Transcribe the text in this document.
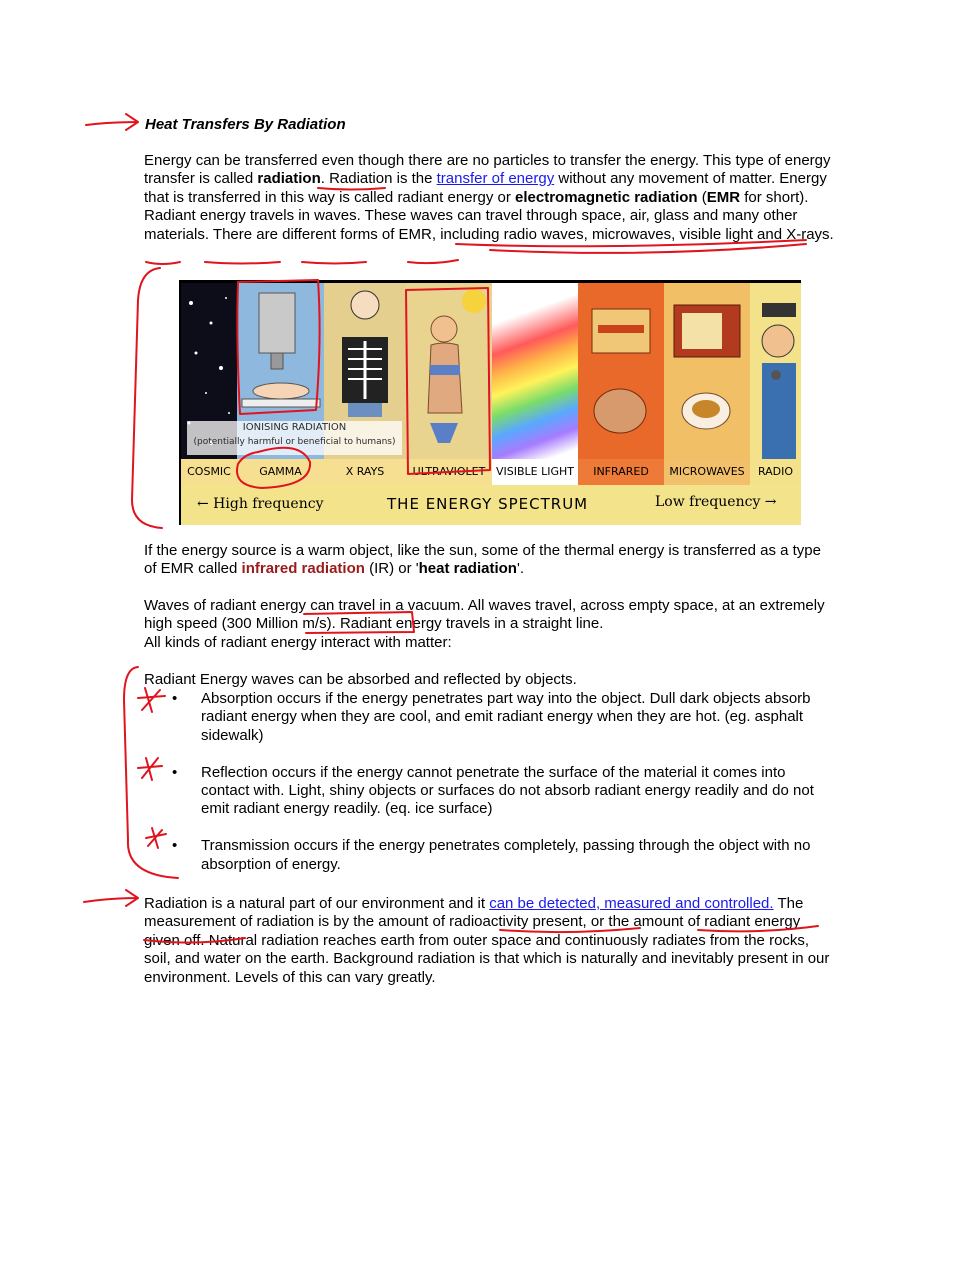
Heat Transfers By Radiation
Energy can be transferred even though there are no particles to transfer the energy. This type of energy transfer is called radiation. Radiation is the transfer of energy without any movement of matter. Energy that is transferred in this way is called radiant energy or electromagnetic radiation (EMR for short). Radiant energy travels in waves. These waves can travel through space, air, glass and many other materials. There are different forms of EMR, including radio waves, microwaves, visible light and X-rays.
IONISING RADIATION
(potentially harmful or beneficial to humans)
COSMIC	GAMMA	X RAYS	ULTRAVIOLET VISIBLE LIGHT	INFRARED	MICROWAVES	RADIO
← High frequency	THE ENERGY SPECTRUM	Low frequency →
If the energy source is a warm object, like the sun, some of the thermal energy is transferred as a type of EMR called infrared radiation (IR) or 'heat radiation'.
Waves of radiant energy can travel in a vacuum. All waves travel, across empty space, at an extremely high speed (300 Million m/s). Radiant energy travels in a straight line.
All kinds of radiant energy interact with matter:
Radiant Energy waves can be absorbed and reflected by objects.
• Absorption occurs if the energy penetrates part way into the object. Dull dark objects absorb radiant energy when they are cool, and emit radiant energy when they are hot. (eg. asphalt sidewalk)
• Reflection occurs if the energy cannot penetrate the surface of the material it comes into contact with. Light, shiny objects or surfaces do not absorb radiant energy readily and do not emit radiant energy readily. (eq. ice surface)
• Transmission occurs if the energy penetrates completely, passing through the object with no absorption of energy.
Radiation is a natural part of our environment and it can be detected, measured and controlled. The measurement of radiation is by the amount of radioactivity present, or the amount of radiant energy given off. Natural radiation reaches earth from outer space and continuously radiates from the rocks, soil, and water on the earth. Background radiation is that which is naturally and inevitably present in our environment. Levels of this can vary greatly.
